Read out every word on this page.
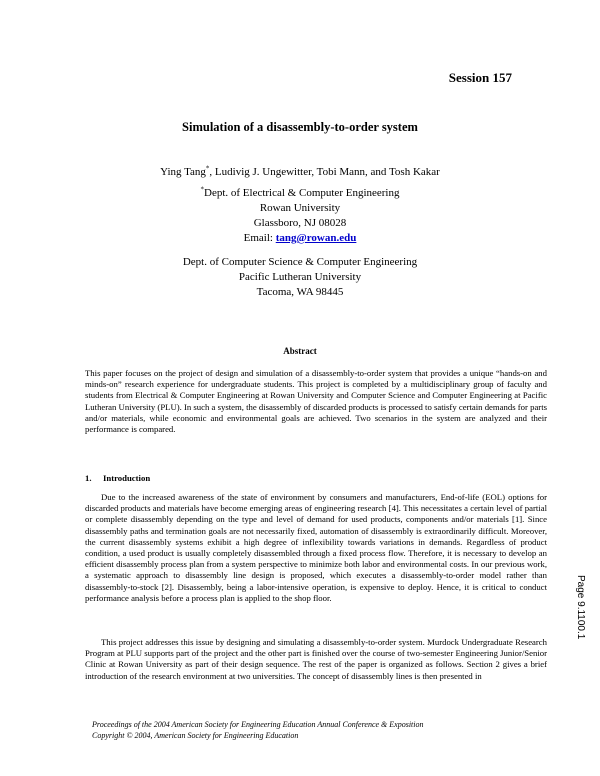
Session 157
Simulation of a disassembly-to-order system
Ying Tang*, Ludivig J. Ungewitter, Tobi Mann, and Tosh Kakar
*Dept. of Electrical & Computer Engineering
Rowan University
Glassboro, NJ 08028
Email: tang@rowan.edu
Dept. of Computer Science & Computer Engineering
Pacific Lutheran University
Tacoma, WA 98445
Abstract
This paper focuses on the project of design and simulation of a disassembly-to-order system that provides a unique “hands-on and minds-on” research experience for undergraduate students. This project is completed by a multidisciplinary group of faculty and students from Electrical & Computer Engineering at Rowan University and Computer Science and Computer Engineering at Pacific Lutheran University (PLU). In such a system, the disassembly of discarded products is processed to satisfy certain demands for parts and/or materials, while economic and environmental goals are achieved. Two scenarios in the system are analyzed and their performance is compared.
1. Introduction
Due to the increased awareness of the state of environment by consumers and manufacturers, End-of-life (EOL) options for discarded products and materials have become emerging areas of engineering research [4]. This necessitates a certain level of partial or complete disassembly depending on the type and level of demand for used products, components and/or materials [1]. Since disassembly paths and termination goals are not necessarily fixed, automation of disassembly is extraordinarily difficult. Moreover, the current disassembly systems exhibit a high degree of inflexibility towards variations in demands. Regardless of product condition, a used product is usually completely disassembled through a fixed process flow. Therefore, it is necessary to develop an efficient disassembly process plan from a system perspective to minimize both labor and environmental costs. In our previous work, a systematic approach to disassembly line design is proposed, which executes a disassembly-to-order model rather than disassembly-to-stock [2]. Disassembly, being a labor-intensive operation, is expensive to deploy. Hence, it is critical to conduct performance analysis before a process plan is applied to the shop floor.
This project addresses this issue by designing and simulating a disassembly-to-order system. Murdock Undergraduate Research Program at PLU supports part of the project and the other part is finished over the course of two-semester Engineering Junior/Senior Clinic at Rowan University as part of their design sequence. The rest of the paper is organized as follows. Section 2 gives a brief introduction of the research environment at two universities. The concept of disassembly lines is then presented in
Proceedings of the 2004 American Society for Engineering Education Annual Conference & Exposition
Copyright © 2004, American Society for Engineering Education
Page 9.1100.1
